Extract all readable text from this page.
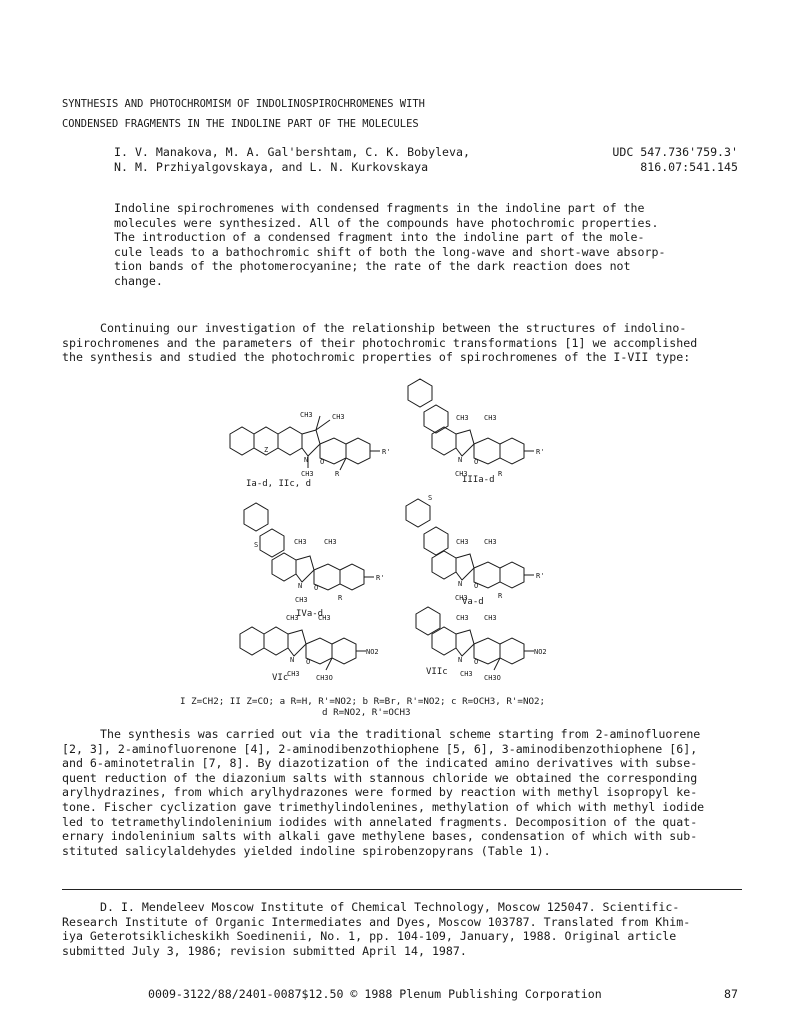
SYNTHESIS AND PHOTOCHROMISM OF INDOLINOSPIROCHROMENES WITH
CONDENSED FRAGMENTS IN THE INDOLINE PART OF THE MOLECULES
I. V. Manakova, M. A. Gal'bershtam, C. K. Bobyleva,
N. M. Przhiyalgovskaya, and L. N. Kurkovskaya
UDC 547.736'759.3'
816.07:541.145
Indoline spirochromenes with condensed fragments in the indoline part of the
molecules were synthesized. All of the compounds have photochromic properties.
The introduction of a condensed fragment into the indoline part of the mole-
cule leads to a bathochromic shift of both the long-wave and short-wave absorp-
tion bands of the photomerocyanine; the rate of the dark reaction does not
change.
Continuing our investigation of the relationship between the structures of indolino-
spirochromenes and the parameters of their photochromic transformations [1] we accomplished
the synthesis and studied the photochromic properties of spirochromenes of the I-VII type:
Z
CH3	CH3
N
CH3
O
R
R'
Ia-d, IIc, d
CH3 CH3
N
CH3
O
R
R'
IIIa-d
S	CH3 CH3
N
CH3
O
R
R'
IVa-d
S
CH3 CH3
N
CH3
O
R
R'
Va-d
CH3	CH3
N
CH3
O
NO2
CH3O
VIc
CH3 CH3
N
CH3
O
NO2
CH3O
VIIc
I Z=CH2; II Z=CO; a R=H, R'=NO2; b R=Br, R'=NO2; c R=OCH3, R'=NO2;
d R=NO2, R'=OCH3
The synthesis was carried out via the traditional scheme starting from 2-aminofluorene
[2, 3], 2-aminofluorenone [4], 2-aminodibenzothiophene [5, 6], 3-aminodibenzothiophene [6],
and 6-aminotetralin [7, 8]. By diazotization of the indicated amino derivatives with subse-
quent reduction of the diazonium salts with stannous chloride we obtained the corresponding
arylhydrazines, from which arylhydrazones were formed by reaction with methyl isopropyl ke-
tone. Fischer cyclization gave trimethylindolenines, methylation of which with methyl iodide
led to tetramethylindoleninium iodides with annelated fragments. Decomposition of the quat-
ernary indoleninium salts with alkali gave methylene bases, condensation of which with sub-
stituted salicylaldehydes yielded indoline spirobenzopyrans (Table 1).
D. I. Mendeleev Moscow Institute of Chemical Technology, Moscow 125047. Scientific-
Research Institute of Organic Intermediates and Dyes, Moscow 103787. Translated from Khim-
iya Geterotsiklicheskikh Soedinenii, No. 1, pp. 104-109, January, 1988. Original article
submitted July 3, 1986; revision submitted April 14, 1987.
0009-3122/88/2401-0087$12.50 © 1988 Plenum Publishing Corporation	87
